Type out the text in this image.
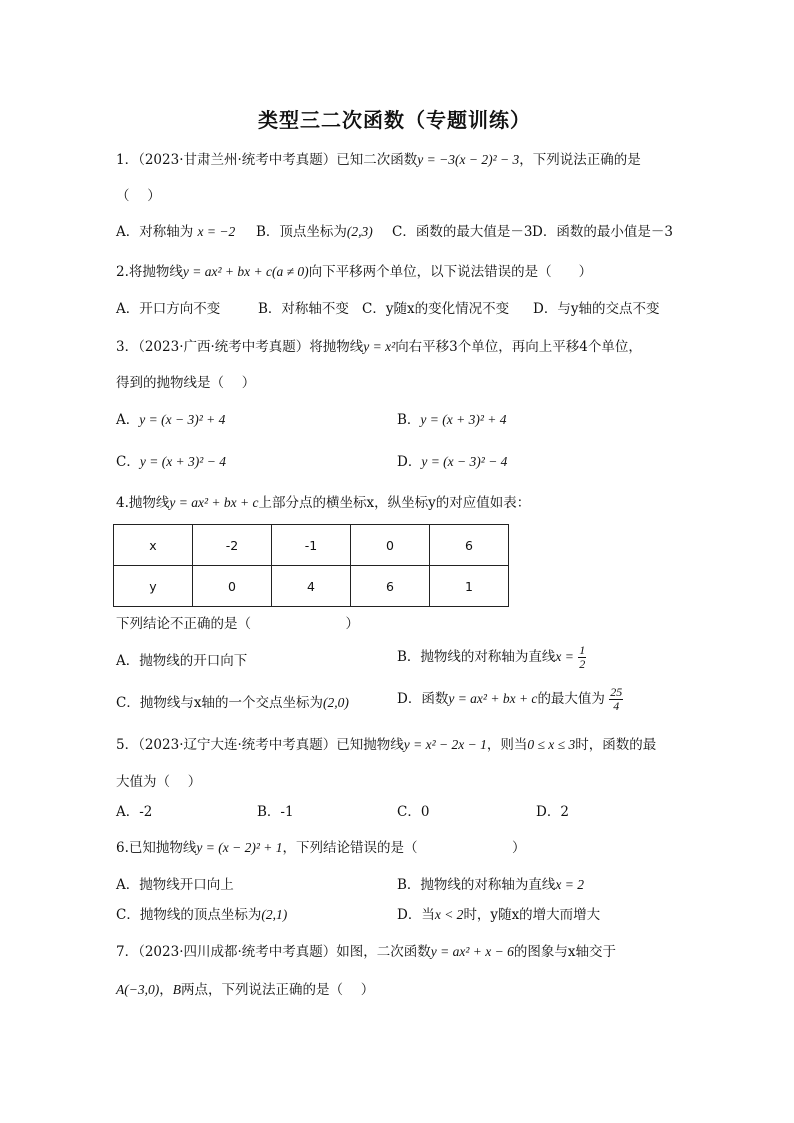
类型三二次函数（专题训练）
1．（2023·甘肃兰州·统考中考真题）已知二次函数y = −3(x − 2)² − 3，下列说法正确的是
（　 ）
A．对称轴为 x = −2 B．顶点坐标为(2,3) C．函数的最大值是－3 D．函数的最小值是－3
2.将抛物线y = ax² + bx + c(a ≠ 0)向下平移两个单位，以下说法错误的是（　　）
A．开口方向不变	B．对称轴不变 C．y随x的变化情况不变 D．与y轴的交点不变
3．（2023·广西·统考中考真题）将抛物线y = x²向右平移3个单位，再向上平移4个单位，
得到的抛物线是（　 ）
A．y = (x − 3)² + 4	B．y = (x + 3)² + 4
C．y = (x + 3)² − 4	D．y = (x − 3)² − 4
4.抛物线y = ax² + bx + c上部分点的横坐标x，纵坐标y的对应值如表：
x	-2	-1	0	6
y	0	4	6	1
下列结论不正确的是（　　　　　　　）
A．抛物线的开口向下	B．抛物线的对称轴为直线$x = \frac{1}{2}$
C．抛物线与x轴的一个交点坐标为(2,0)	D．函数y = ax² + bx + c的最大值为 $\frac{25}{4}$
5．（2023·辽宁大连·统考中考真题）已知抛物线y = x² − 2x − 1，则当0 ≤ x ≤ 3时，函数的最
大值为（　 ）
A．-2	B．-1	C．0	D．2
6.已知抛物线y = (x − 2)² + 1，下列结论错误的是（　　　　　　　）
A．抛物线开口向上	B．抛物线的对称轴为直线x = 2
C．抛物线的顶点坐标为(2,1)	D．当x < 2时，y随x的增大而增大
7．（2023·四川成都·统考中考真题）如图，二次函数y = ax² + x − 6的图象与x轴交于
A(−3,0)，B两点，下列说法正确的是（　 ）
